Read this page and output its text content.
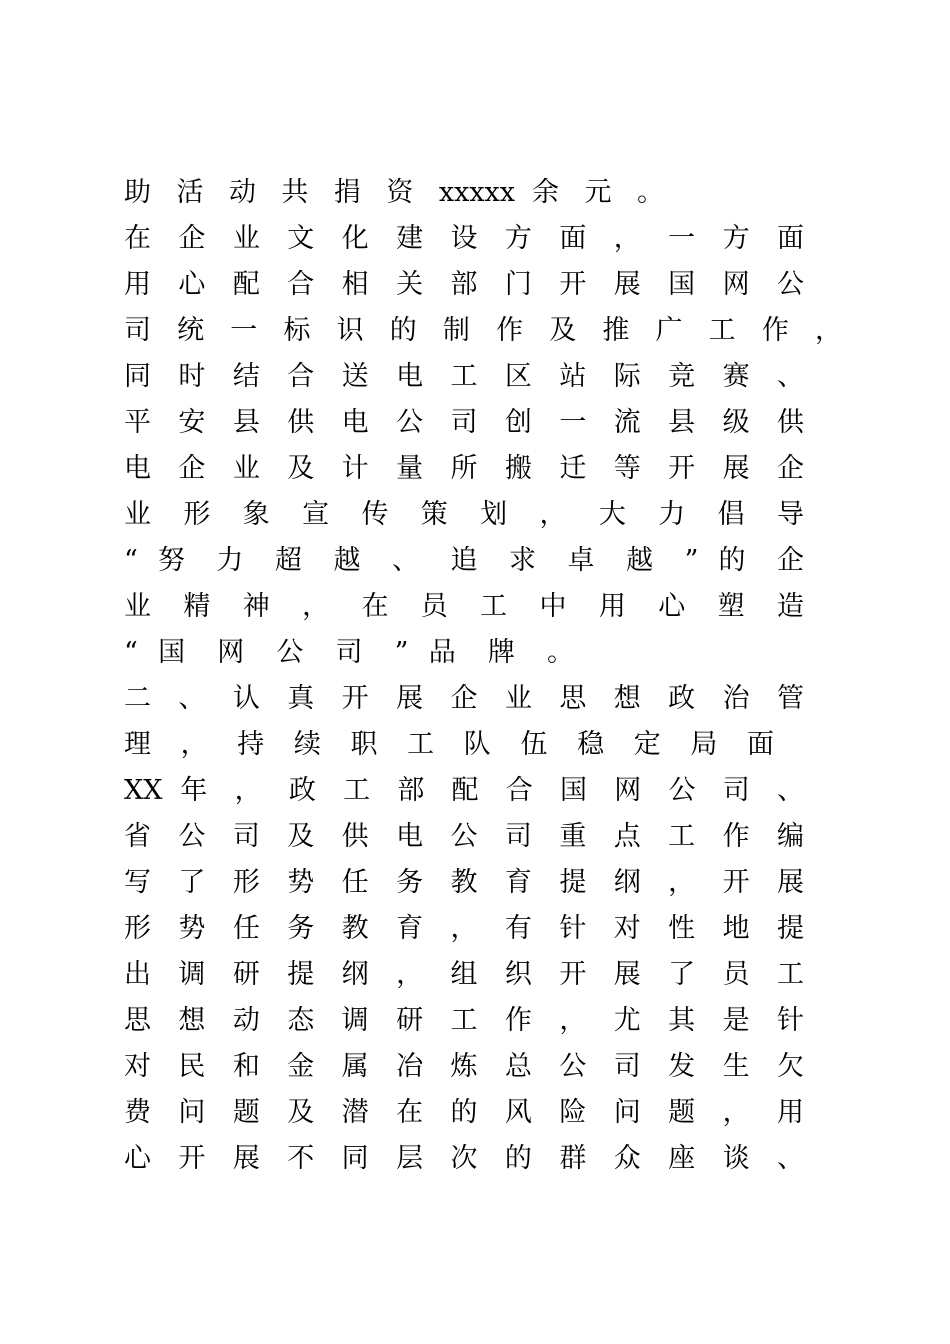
助 活 动 共 捐 资 xxxxx 余 元 。
在 企 业 文 化 建 设 方 面 ， 一 方 面
用 心 配 合 相 关 部 门 开 展 国 网 公
司 统 一 标 识 的 制 作 及 推 广 工 作 ，
同 时 结 合 送 电 工 区 站 际 竞 赛 、
平 安 县 供 电 公 司 创 一 流 县 级 供
电 企 业 及 计 量 所 搬 迁 等 开 展 企
业 形 象 宣 传 策 划 ， 大 力 倡 导
“ 努 力 超 越 、 追 求 卓 越 ” 的 企
业 精 神 ， 在 员 工 中 用 心 塑 造
“ 国 网 公 司 ” 品 牌 。
二 、 认 真 开 展 企 业 思 想 政 治 管
理 ， 持 续 职 工 队 伍 稳 定 局 面
XX 年 ， 政 工 部 配 合 国 网 公 司 、
省 公 司 及 供 电 公 司 重 点 工 作 编
写 了 形 势 任 务 教 育 提 纲 ， 开 展
形 势 任 务 教 育 ， 有 针 对 性 地 提
出 调 研 提 纲 ， 组 织 开 展 了 员 工
思 想 动 态 调 研 工 作 ， 尤 其 是 针
对 民 和 金 属 冶 炼 总 公 司 发 生 欠
费 问 题 及 潜 在 的 风 险 问 题 ， 用
心 开 展 不 同 层 次 的 群 众 座 谈 、
